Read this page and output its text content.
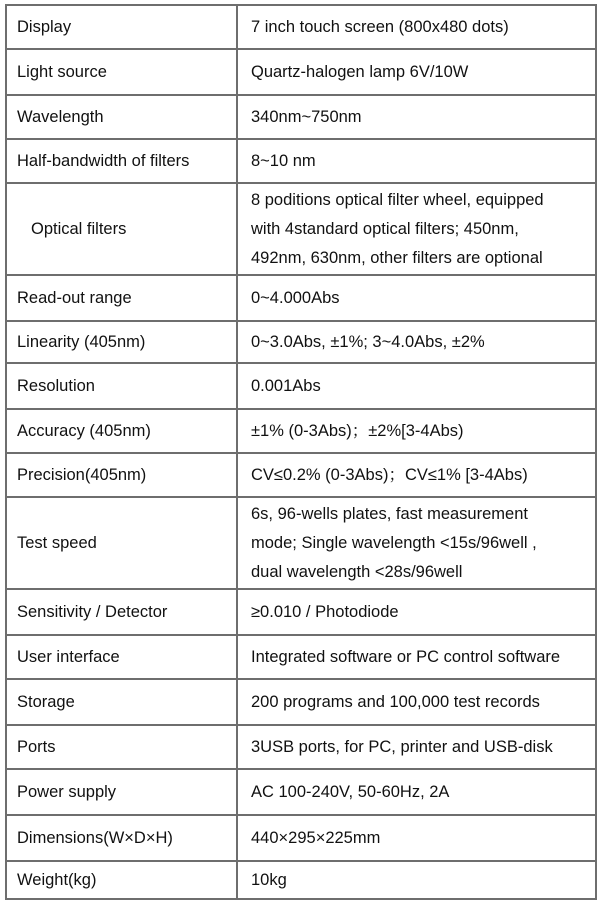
Display	7 inch touch screen (800x480 dots)

Light source	Quartz-halogen lamp 6V/10W

Wavelength	340nm~750nm

Half-bandwidth of filters	8~10 nm

Optical filters	8 poditions optical filter wheel, equipped
with 4standard optical filters; 450nm,
492nm, 630nm, other filters are optional

Read-out range	0~4.000Abs

Linearity (405nm)	0~3.0Abs, ±1%; 3~4.0Abs, ±2%

Resolution	0.001Abs

Accuracy (405nm)	±1% (0-3Abs)；±2%[3-4Abs)

Precision(405nm)	CV≤0.2% (0-3Abs)；CV≤1% [3-4Abs)

Test speed	6s, 96-wells plates, fast measurement
mode; Single wavelength <15s/96well ,
dual wavelength <28s/96well

Sensitivity / Detector	≥0.010 / Photodiode

User interface	Integrated software or PC control software

Storage	200 programs and 100,000 test records

Ports	3USB ports, for PC, printer and USB-disk

Power supply	AC 100-240V, 50-60Hz, 2A

Dimensions(W×D×H)	440×295×225mm

Weight(kg)	10kg
